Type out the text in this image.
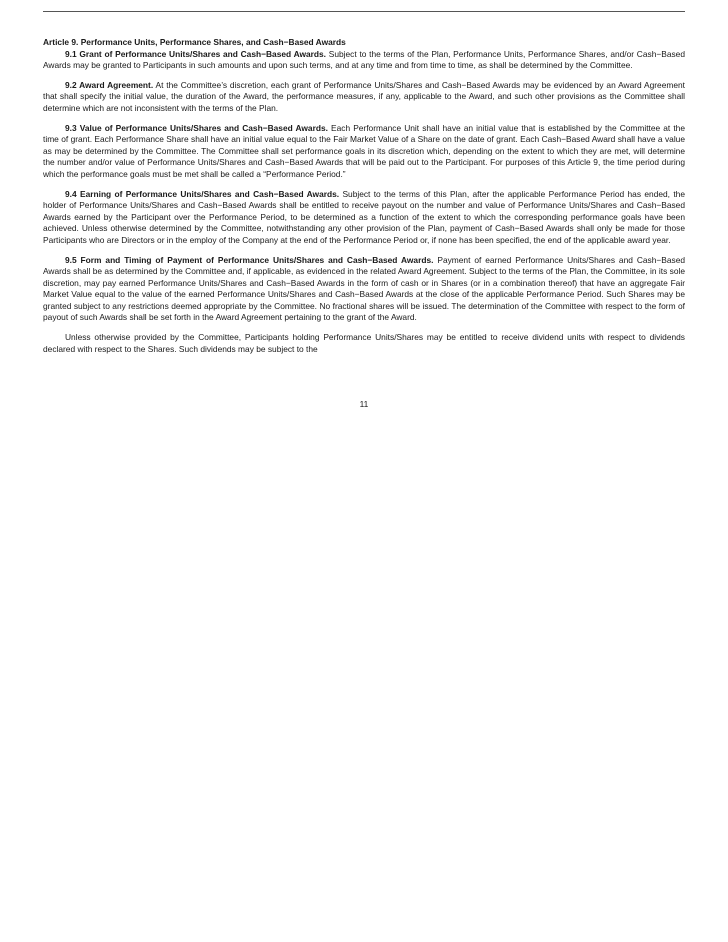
Article 9. Performance Units, Performance Shares, and Cash−Based Awards

9.1 Grant of Performance Units/Shares and Cash−Based Awards. Subject to the terms of the Plan, Performance Units, Performance Shares, and/or Cash−Based Awards may be granted to Participants in such amounts and upon such terms, and at any time and from time to time, as shall be determined by the Committee.

9.2 Award Agreement. At the Committee’s discretion, each grant of Performance Units/Shares and Cash−Based Awards may be evidenced by an Award Agreement that shall specify the initial value, the duration of the Award, the performance measures, if any, applicable to the Award, and such other provisions as the Committee shall determine which are not inconsistent with the terms of the Plan.

9.3 Value of Performance Units/Shares and Cash−Based Awards. Each Performance Unit shall have an initial value that is established by the Committee at the time of grant. Each Performance Share shall have an initial value equal to the Fair Market Value of a Share on the date of grant. Each Cash−Based Award shall have a value as may be determined by the Committee. The Committee shall set performance goals in its discretion which, depending on the extent to which they are met, will determine the number and/or value of Performance Units/Shares and Cash−Based Awards that will be paid out to the Participant. For purposes of this Article 9, the time period during which the performance goals must be met shall be called a “Performance Period.”

9.4 Earning of Performance Units/Shares and Cash−Based Awards. Subject to the terms of this Plan, after the applicable Performance Period has ended, the holder of Performance Units/Shares and Cash−Based Awards shall be entitled to receive payout on the number and value of Performance Units/Shares and Cash−Based Awards earned by the Participant over the Performance Period, to be determined as a function of the extent to which the corresponding performance goals have been achieved. Unless otherwise determined by the Committee, notwithstanding any other provision of the Plan, payment of Cash−Based Awards shall only be made for those Participants who are Directors or in the employ of the Company at the end of the Performance Period or, if none has been specified, the end of the applicable award year.

9.5 Form and Timing of Payment of Performance Units/Shares and Cash−Based Awards. Payment of earned Performance Units/Shares and Cash−Based Awards shall be as determined by the Committee and, if applicable, as evidenced in the related Award Agreement. Subject to the terms of the Plan, the Committee, in its sole discretion, may pay earned Performance Units/Shares and Cash−Based Awards in the form of cash or in Shares (or in a combination thereof) that have an aggregate Fair Market Value equal to the value of the earned Performance Units/Shares and Cash−Based Awards at the close of the applicable Performance Period. Such Shares may be granted subject to any restrictions deemed appropriate by the Committee. No fractional shares will be issued. The determination of the Committee with respect to the form of payout of such Awards shall be set forth in the Award Agreement pertaining to the grant of the Award.

Unless otherwise provided by the Committee, Participants holding Performance Units/Shares may be entitled to receive dividend units with respect to dividends declared with respect to the Shares. Such dividends may be subject to the

11
